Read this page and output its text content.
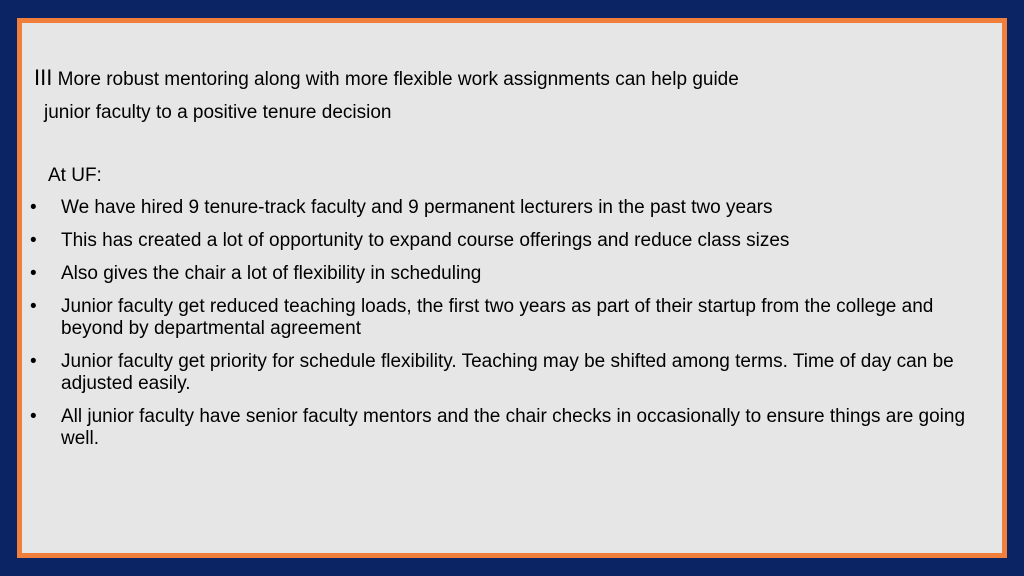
III More robust mentoring along with more flexible work assignments can help guide
junior faculty to a positive tenure decision
At UF:
•	We have hired 9 tenure-track faculty and 9 permanent lecturers in the past two years
•	This has created a lot of opportunity to expand course offerings and reduce class sizes
•	Also gives the chair a lot of flexibility in scheduling
•	Junior faculty get reduced teaching loads, the first two years as part of their startup from the college and beyond by departmental agreement
•	Junior faculty get priority for schedule flexibility. Teaching may be shifted among terms. Time of day can be adjusted easily.
•	All junior faculty have senior faculty mentors and the chair checks in occasionally to ensure things are going well.
